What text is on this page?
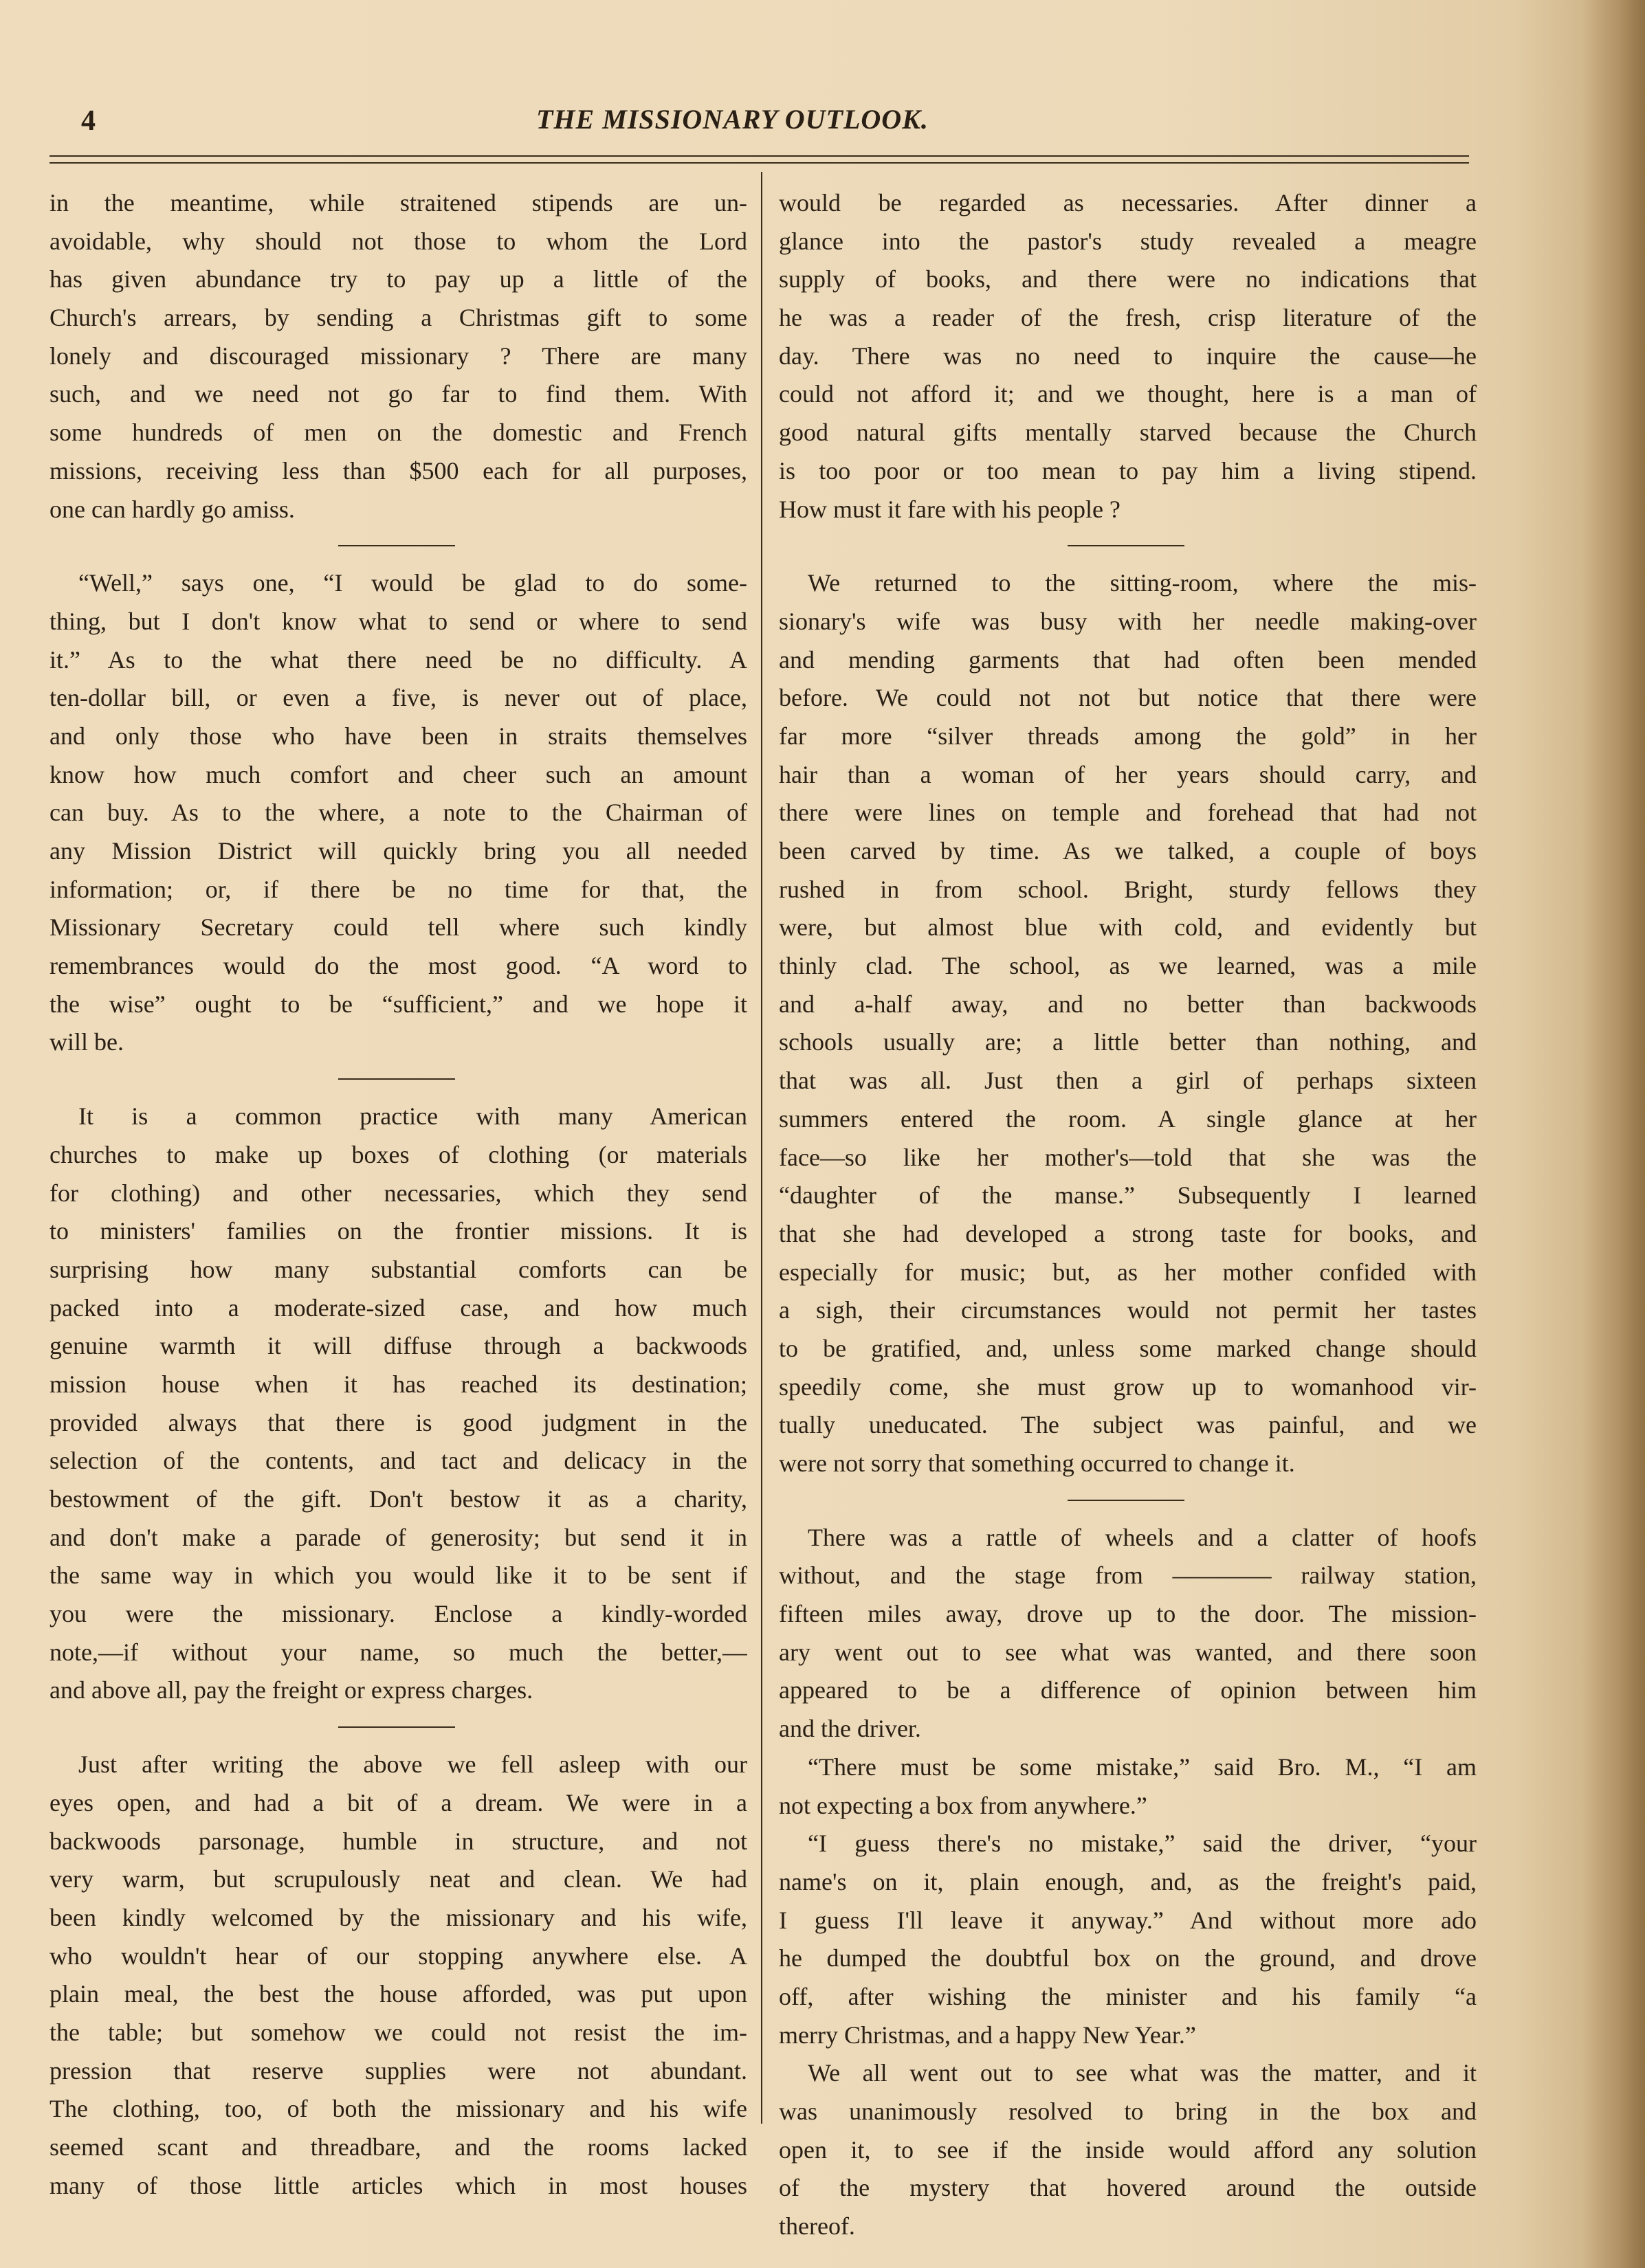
4	THE MISSIONARY OUTLOOK.
in the meantime, while straitened stipends are un-
avoidable, why should not those to whom the Lord
has given abundance try to pay up a little of the
Church's arrears, by sending a Christmas gift to some
lonely and discouraged missionary ? There are many
such, and we need not go far to find them. With
some hundreds of men on the domestic and French
missions, receiving less than $500 each for all purposes,
one can hardly go amiss.
“Well,” says one, “I would be glad to do some-
thing, but I don't know what to send or where to send
it.” As to the what there need be no difficulty. A
ten-dollar bill, or even a five, is never out of place,
and only those who have been in straits themselves
know how much comfort and cheer such an amount
can buy. As to the where, a note to the Chairman of
any Mission District will quickly bring you all needed
information; or, if there be no time for that, the
Missionary Secretary could tell where such kindly
remembrances would do the most good. “A word to
the wise” ought to be “sufficient,” and we hope it
will be.
It is a common practice with many American
churches to make up boxes of clothing (or materials
for clothing) and other necessaries, which they send
to ministers' families on the frontier missions. It is
surprising how many substantial comforts can be
packed into a moderate-sized case, and how much
genuine warmth it will diffuse through a backwoods
mission house when it has reached its destination;
provided always that there is good judgment in the
selection of the contents, and tact and delicacy in the
bestowment of the gift. Don't bestow it as a charity,
and don't make a parade of generosity; but send it in
the same way in which you would like it to be sent if
you were the missionary. Enclose a kindly-worded
note,—if without your name, so much the better,—
and above all, pay the freight or express charges.
Just after writing the above we fell asleep with our
eyes open, and had a bit of a dream. We were in a
backwoods parsonage, humble in structure, and not
very warm, but scrupulously neat and clean. We had
been kindly welcomed by the missionary and his wife,
who wouldn't hear of our stopping anywhere else. A
plain meal, the best the house afforded, was put upon
the table; but somehow we could not resist the im-
pression that reserve supplies were not abundant.
The clothing, too, of both the missionary and his wife
seemed scant and threadbare, and the rooms lacked
many of those little articles which in most houses
would be regarded as necessaries. After dinner a
glance into the pastor's study revealed a meagre
supply of books, and there were no indications that
he was a reader of the fresh, crisp literature of the
day. There was no need to inquire the cause—he
could not afford it; and we thought, here is a man of
good natural gifts mentally starved because the Church
is too poor or too mean to pay him a living stipend.
How must it fare with his people ?
We returned to the sitting-room, where the mis-
sionary's wife was busy with her needle making-over
and mending garments that had often been mended
before. We could not not but notice that there were
far more “silver threads among the gold” in her
hair than a woman of her years should carry, and
there were lines on temple and forehead that had not
been carved by time. As we talked, a couple of boys
rushed in from school. Bright, sturdy fellows they
were, but almost blue with cold, and evidently but
thinly clad. The school, as we learned, was a mile
and a-half away, and no better than backwoods
schools usually are; a little better than nothing, and
that was all. Just then a girl of perhaps sixteen
summers entered the room. A single glance at her
face—so like her mother's—told that she was the
“daughter of the manse.” Subsequently I learned
that she had developed a strong taste for books, and
especially for music; but, as her mother confided with
a sigh, their circumstances would not permit her tastes
to be gratified, and, unless some marked change should
speedily come, she must grow up to womanhood vir-
tually uneducated. The subject was painful, and we
were not sorry that something occurred to change it.
There was a rattle of wheels and a clatter of hoofs
without, and the stage from ———— railway station,
fifteen miles away, drove up to the door. The mission-
ary went out to see what was wanted, and there soon
appeared to be a difference of opinion between him
and the driver.
“There must be some mistake,” said Bro. M., “I am
not expecting a box from anywhere.”
“I guess there's no mistake,” said the driver, “your
name's on it, plain enough, and, as the freight's paid,
I guess I'll leave it anyway.” And without more ado
he dumped the doubtful box on the ground, and drove
off, after wishing the minister and his family “a
merry Christmas, and a happy New Year.”
We all went out to see what was the matter, and it
was unanimously resolved to bring in the box and
open it, to see if the inside would afford any solution
of the mystery that hovered around the outside
thereof.
